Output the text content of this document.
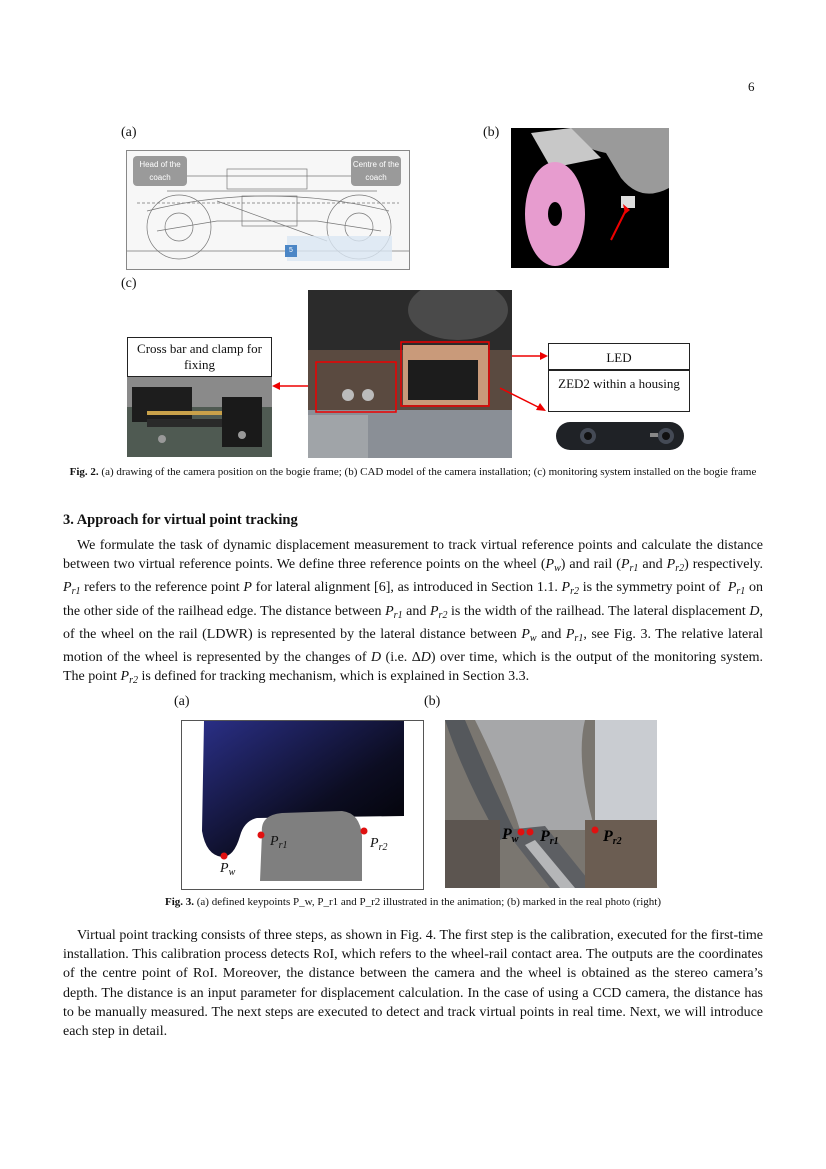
6
(a)	(b)
Head of the coach
Centre of the coach
5
(c)
Cross bar and clamp for fixing	LED
ZED2 within a housing
Fig. 2. (a) drawing of the camera position on the bogie frame; (b) CAD model of the camera installation; (c) monitoring system installed on the bogie frame
3. Approach for virtual point tracking

We formulate the task of dynamic displacement measurement to track virtual reference points and calculate the distance between two virtual reference points. We define three reference points on the wheel $(P_w)$ and rail ($P_{r1}$ and $P_{r2}$) respectively. $P_{r1}$ refers to the reference point P for lateral alignment [6], as introduced in Section 1.1. $P_{r2}$ is the symmetry point of  $P_{r1}$ on the other side of the railhead edge. The distance between $P_{r1}$ and $P_{r2}$ is the width of the railhead. The lateral displacement D, of the wheel on the rail (LDWR) is represented by the lateral distance between $P_w$ and $P_{r1}$, see Fig. 3. The relative lateral motion of the wheel is represented by the changes of D (i.e. ΔD) over time, which is the output of the monitoring system. The point $P_{r2}$ is defined for tracking mechanism, which is explained in Section 3.3.

(a)	(b)
$P_w$
$P_{r1}$	$P_{r2}$
$P_w$ $P_{r1}$	$P_{r2}$
Fig. 3. (a) defined keypoints P_w, P_r1 and P_r2 illustrated in the animation; (b) marked in the real photo (right)

Virtual point tracking consists of three steps, as shown in Fig. 4. The first step is the calibration, executed for the first-time installation. This calibration process detects RoI, which refers to the wheel-rail contact area. The outputs are the coordinates of the centre point of RoI. Moreover, the distance between the camera and the wheel is obtained as the stereo camera’s depth. The distance is an input parameter for displacement calculation. In the case of using a CCD camera, the distance has to be manually measured. The next steps are executed to detect and track virtual points in real time. Next, we will introduce each step in detail.
